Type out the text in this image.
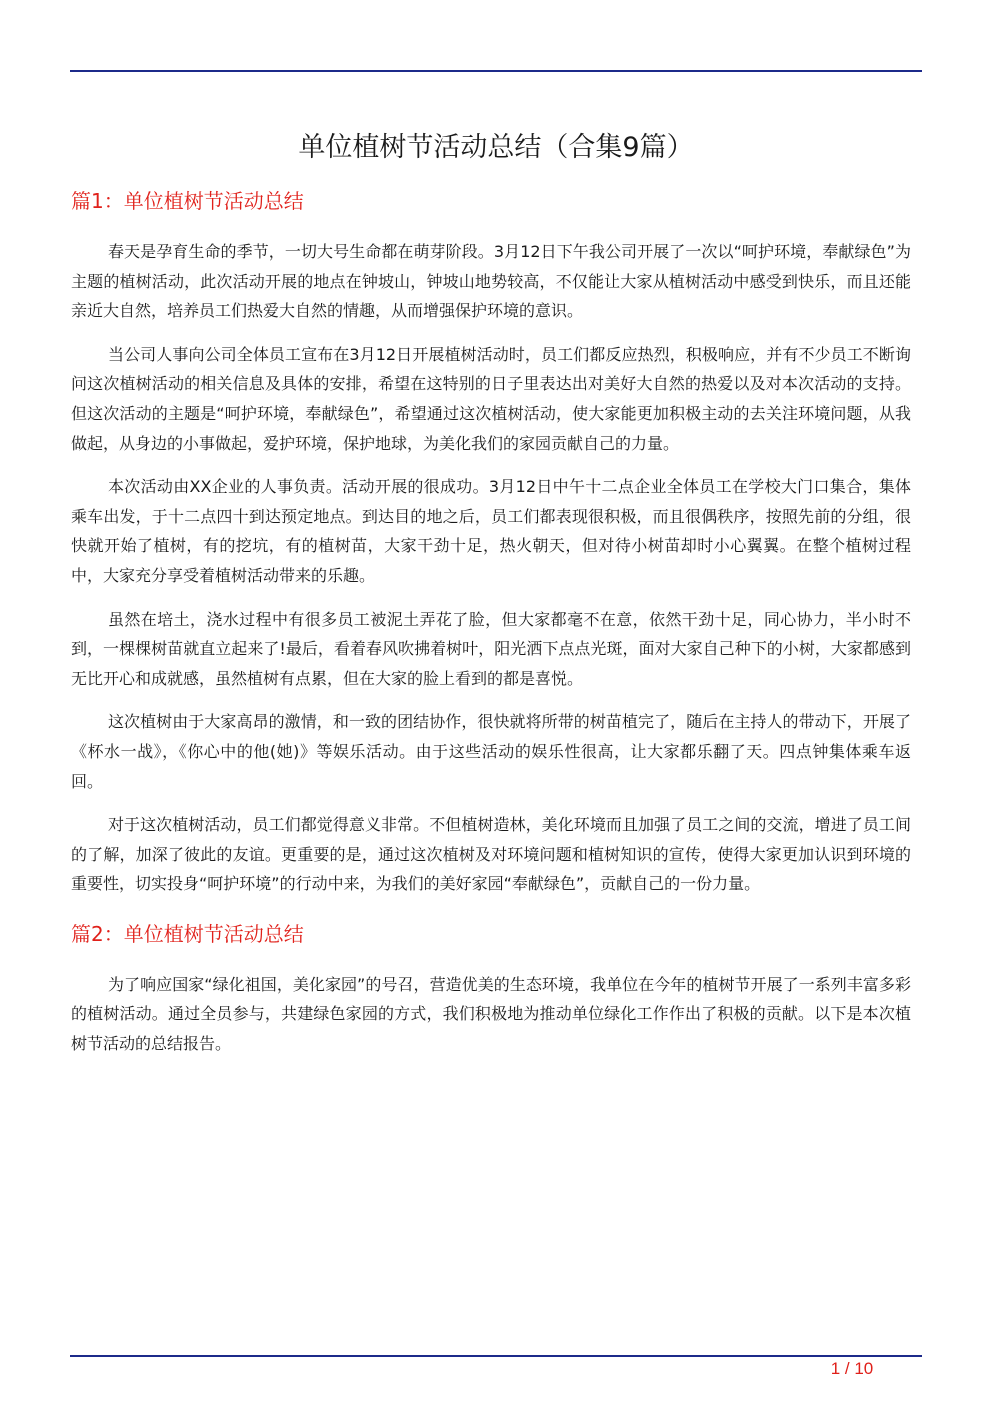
单位植树节活动总结（合集9篇）
篇1：单位植树节活动总结

春天是孕育生命的季节，一切大号生命都在萌芽阶段。3月12日下午我公司开展了一次以“呵护环境，奉献绿色”为主题的植树活动，此次活动开展的地点在钟坡山，钟坡山地势较高，不仅能让大家从植树活动中感受到快乐，而且还能亲近大自然，培养员工们热爱大自然的情趣，从而增强保护环境的意识。

当公司人事向公司全体员工宣布在3月12日开展植树活动时，员工们都反应热烈，积极响应，并有不少员工不断询问这次植树活动的相关信息及具体的安排，希望在这特别的日子里表达出对美好大自然的热爱以及对本次活动的支持。但这次活动的主题是“呵护环境，奉献绿色”，希望通过这次植树活动，使大家能更加积极主动的去关注环境问题，从我做起，从身边的小事做起，爱护环境，保护地球，为美化我们的家园贡献自己的力量。

本次活动由XX企业的人事负责。活动开展的很成功。3月12日中午十二点企业全体员工在学校大门口集合，集体乘车出发，于十二点四十到达预定地点。到达目的地之后，员工们都表现很积极，而且很偶秩序，按照先前的分组，很快就开始了植树，有的挖坑，有的植树苗，大家干劲十足，热火朝天，但对待小树苗却时小心翼翼。在整个植树过程中，大家充分享受着植树活动带来的乐趣。

虽然在培土，浇水过程中有很多员工被泥土弄花了脸，但大家都毫不在意，依然干劲十足，同心协力，半小时不到，一棵棵树苗就直立起来了!最后，看着春风吹拂着树叶，阳光洒下点点光斑，面对大家自己种下的小树，大家都感到无比开心和成就感，虽然植树有点累，但在大家的脸上看到的都是喜悦。

这次植树由于大家高昂的激情，和一致的团结协作，很快就将所带的树苗植完了，随后在主持人的带动下，开展了《杯水一战》，《你心中的他(她)》等娱乐活动。由于这些活动的娱乐性很高，让大家都乐翻了天。四点钟集体乘车返回。

对于这次植树活动，员工们都觉得意义非常。不但植树造林，美化环境而且加强了员工之间的交流，增进了员工间的了解，加深了彼此的友谊。更重要的是，通过这次植树及对环境问题和植树知识的宣传，使得大家更加认识到环境的重要性，切实投身“呵护环境”的行动中来，为我们的美好家园“奉献绿色”，贡献自己的一份力量。

篇2：单位植树节活动总结

为了响应国家“绿化祖国，美化家园”的号召，营造优美的生态环境，我单位在今年的植树节开展了一系列丰富多彩的植树活动。通过全员参与，共建绿色家园的方式，我们积极地为推动单位绿化工作作出了积极的贡献。以下是本次植树节活动的总结报告。

1 / 10
